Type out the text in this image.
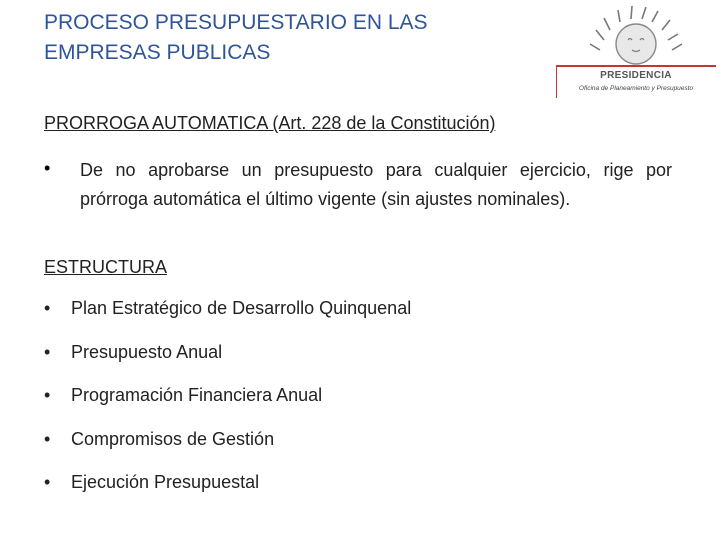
PROCESO PRESUPUESTARIO EN LAS
EMPRESAS PUBLICAS
PRESIDENCIA
Oficina de Planeamiento y Presupuesto
PRORROGA AUTOMATICA (Art. 228 de la Constitución)
• De no aprobarse un presupuesto para cualquier ejercicio, rige por prórroga automática el último vigente (sin ajustes nominales).
ESTRUCTURA
• Plan Estratégico de Desarrollo Quinquenal
• Presupuesto Anual
• Programación Financiera Anual
• Compromisos de Gestión
• Ejecución Presupuestal
